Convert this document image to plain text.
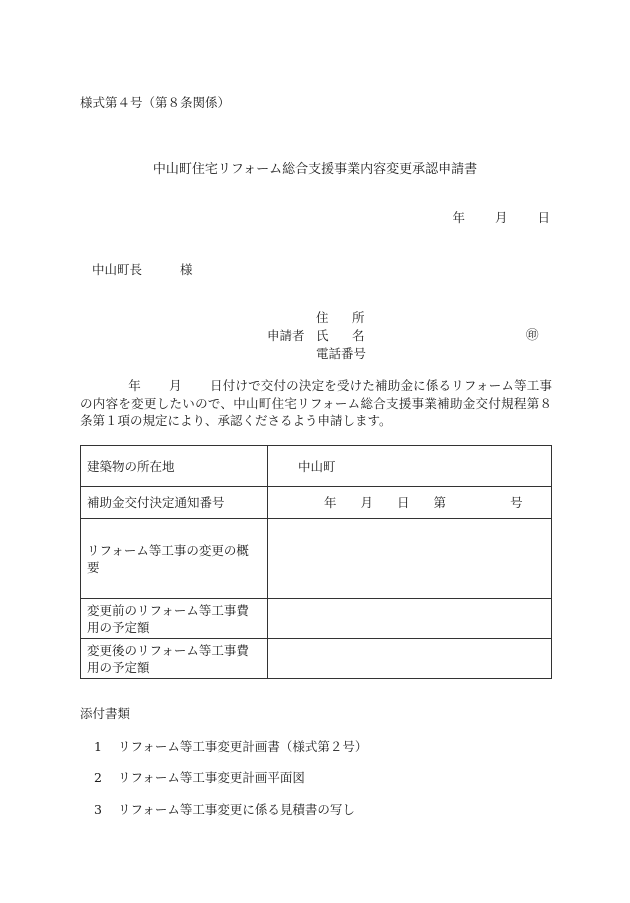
様式第４号（第８条関係）
中山町住宅リフォーム総合支援事業内容変更承認申請書
年 月 日
中山町長	様
申請者
住 所
氏 名
電話番号
㊞
年 月 日付けで交付の決定を受けた補助金に係るリフォーム等工事の内容を変更したいので、中山町住宅リフォーム総合支援事業補助金交付規程第８条第１項の規定により、承認くださるよう申請します。
建築物の所在地	中山町
補助金交付決定通知番号	年 月 日 第 号
リフォーム等工事の変更の概要	
変更前のリフォーム等工事費用の予定額	
変更後のリフォーム等工事費用の予定額	
添付書類
1 リフォーム等工事変更計画書（様式第２号）
2 リフォーム等工事変更計画平面図
3 リフォーム等工事変更に係る見積書の写し
